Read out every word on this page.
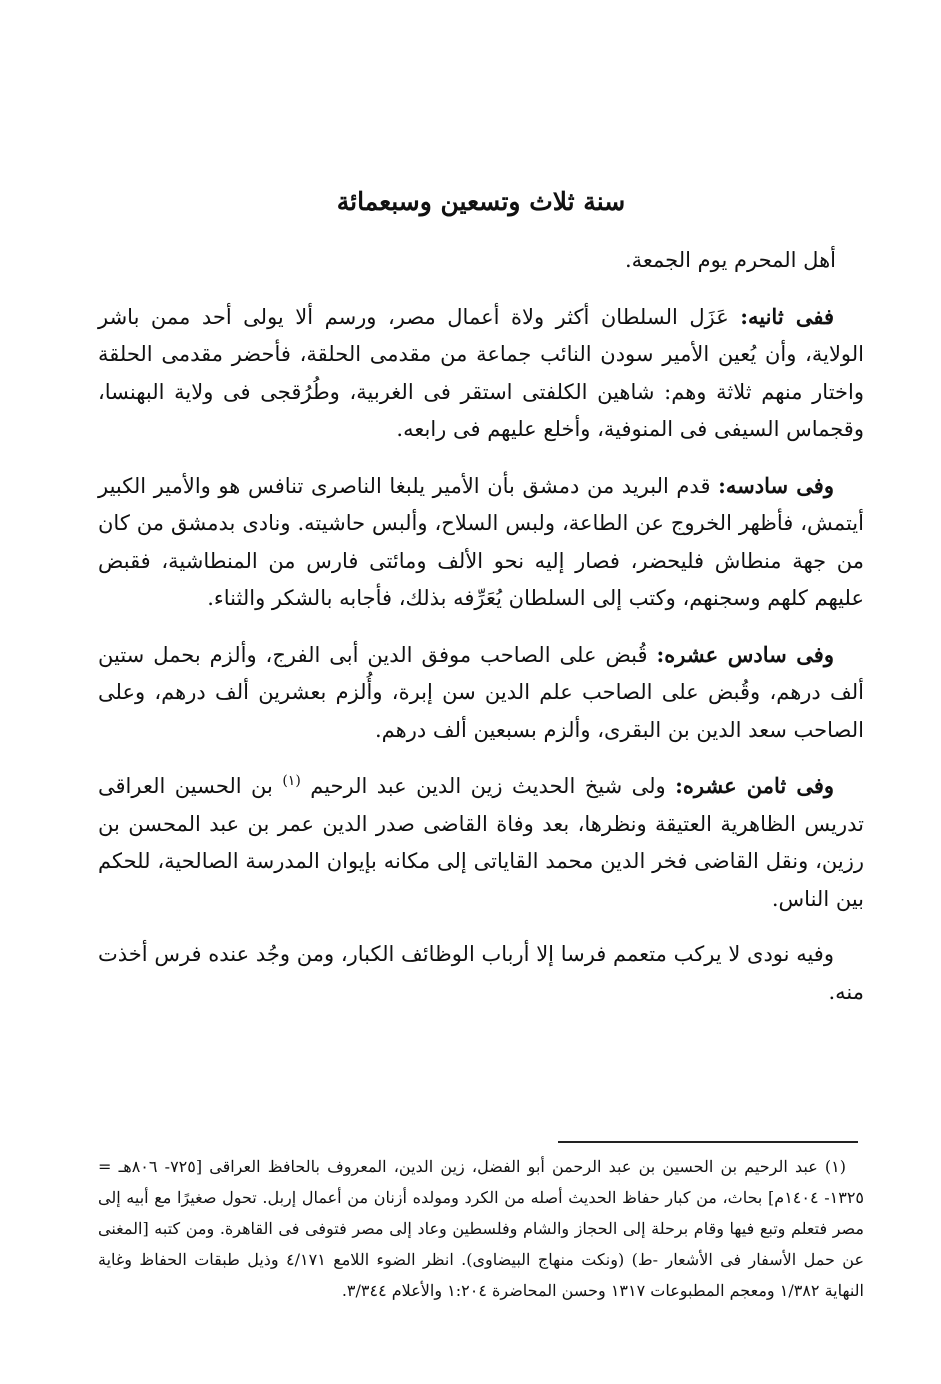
سنة ثلاث وتسعين وسبعمائة

أهل المحرم يوم الجمعة.

ففى ثانيه: عَزَل السلطان أكثر ولاة أعمال مصر، ورسم ألا يولى أحد ممن باشر الولاية، وأن يُعين الأمير سودن النائب جماعة من مقدمى الحلقة، فأحضر مقدمى الحلقة واختار منهم ثلاثة وهم: شاهين الكلفتى استقر فى الغربية، وطُرُقجى فى ولاية البهنسا، وقجماس السيفى فى المنوفية، وأخلع عليهم فى رابعه.

وفى سادسه: قدم البريد من دمشق بأن الأمير يلبغا الناصرى تنافس هو والأمير الكبير أيتمش، فأظهر الخروج عن الطاعة، ولبس السلاح، وألبس حاشيته. ونادى بدمشق من كان من جهة منطاش فليحضر، فصار إليه نحو الألف ومائتى فارس من المنطاشية، فقبض عليهم كلهم وسجنهم، وكتب إلى السلطان يُعَرِّفه بذلك، فأجابه بالشكر والثناء.

وفى سادس عشره: قُبض على الصاحب موفق الدين أبى الفرج، وألزم بحمل ستين ألف درهم، وقُبض على الصاحب علم الدين سن إبرة، وأُلزم بعشرين ألف درهم، وعلى الصاحب سعد الدين بن البقرى، وألزم بسبعين ألف درهم.

وفى ثامن عشره: ولى شيخ الحديث زين الدين عبد الرحيم $^{(١)}$ بن الحسين العراقى تدريس الظاهرية العتيقة ونظرها، بعد وفاة القاضى صدر الدين عمر بن عبد المحسن بن رزين، ونقل القاضى فخر الدين محمد القاياتى إلى مكانه بإيوان المدرسة الصالحية، للحكم بين الناس.

وفيه نودى لا يركب متعمم فرسا إلا أرباب الوظائف الكبار، ومن وجُد عنده فرس أخذت منه.

(١) عبد الرحيم بن الحسين بن عبد الرحمن أبو الفضل، زين الدين، المعروف بالحافظ العراقى [٧٢٥- ٨٠٦هـ = ١٣٢٥- ١٤٠٤م] بحاث، من كبار حفاظ الحديث أصله من الكرد ومولده أزنان من أعمال إربل. تحول صغيرًا مع أبيه إلى مصر فتعلم وتبع فيها وقام برحلة إلى الحجاز والشام وفلسطين وعاد إلى مصر فتوفى فى القاهرة. ومن كتبه [المغنى عن حمل الأسفار فى الأشعار -ط) (ونكت منهاج البيضاوى). انظر الضوء اللامع ٤/١٧١ وذيل طبقات الحفاظ وغاية النهاية ١/٣٨٢ ومعجم المطبوعات ١٣١٧ وحسن المحاضرة ١:٢٠٤ والأعلام ٣/٣٤٤.
